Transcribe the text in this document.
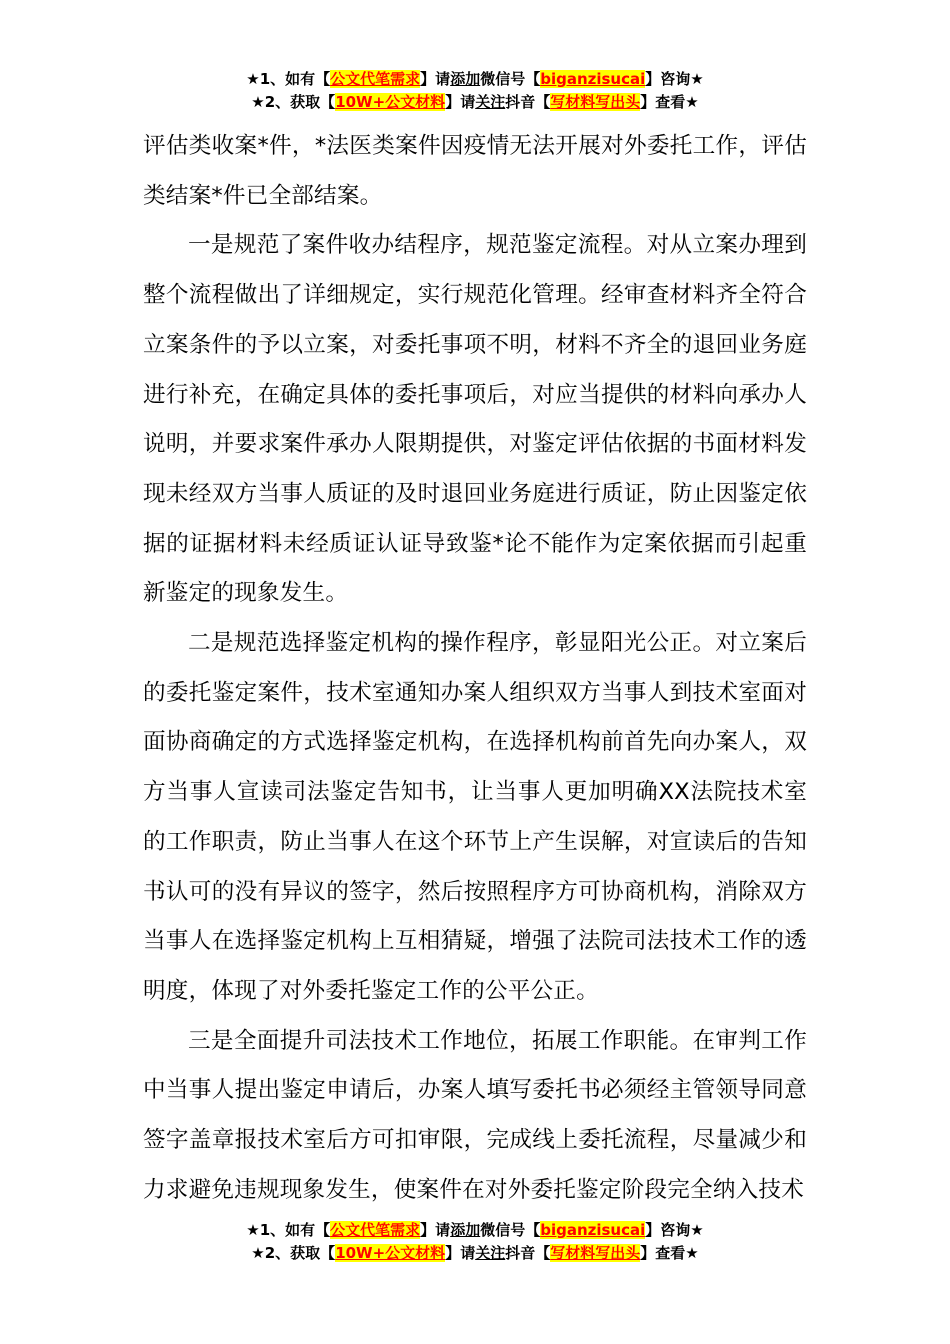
★1、如有【公文代笔需求】请添加微信号【biganzisucai】咨询★
★2、获取【10W+公文材料】请关注抖音【写材料写出头】查看★

评估类收案*件，*法医类案件因疫情无法开展对外委托工作，评估类结案*件已全部结案。

一是规范了案件收办结程序，规范鉴定流程。对从立案办理到整个流程做出了详细规定，实行规范化管理。经审查材料齐全符合立案条件的予以立案，对委托事项不明，材料不齐全的退回业务庭进行补充，在确定具体的委托事项后，对应当提供的材料向承办人说明，并要求案件承办人限期提供，对鉴定评估依据的书面材料发现未经双方当事人质证的及时退回业务庭进行质证，防止因鉴定依据的证据材料未经质证认证导致鉴*论不能作为定案依据而引起重新鉴定的现象发生。

二是规范选择鉴定机构的操作程序，彰显阳光公正。对立案后的委托鉴定案件，技术室通知办案人组织双方当事人到技术室面对面协商确定的方式选择鉴定机构，在选择机构前首先向办案人，双方当事人宣读司法鉴定告知书，让当事人更加明确XX法院技术室的工作职责，防止当事人在这个环节上产生误解，对宣读后的告知书认可的没有异议的签字，然后按照程序方可协商机构，消除双方当事人在选择鉴定机构上互相猜疑，增强了法院司法技术工作的透明度，体现了对外委托鉴定工作的公平公正。

三是全面提升司法技术工作地位，拓展工作职能。在审判工作中当事人提出鉴定申请后，办案人填写委托书必须经主管领导同意签字盖章报技术室后方可扣审限，完成线上委托流程，尽量减少和力求避免违规现象发生，使案件在对外委托鉴定阶段完全纳入技术

★1、如有【公文代笔需求】请添加微信号【biganzisucai】咨询★
★2、获取【10W+公文材料】请关注抖音【写材料写出头】查看★
